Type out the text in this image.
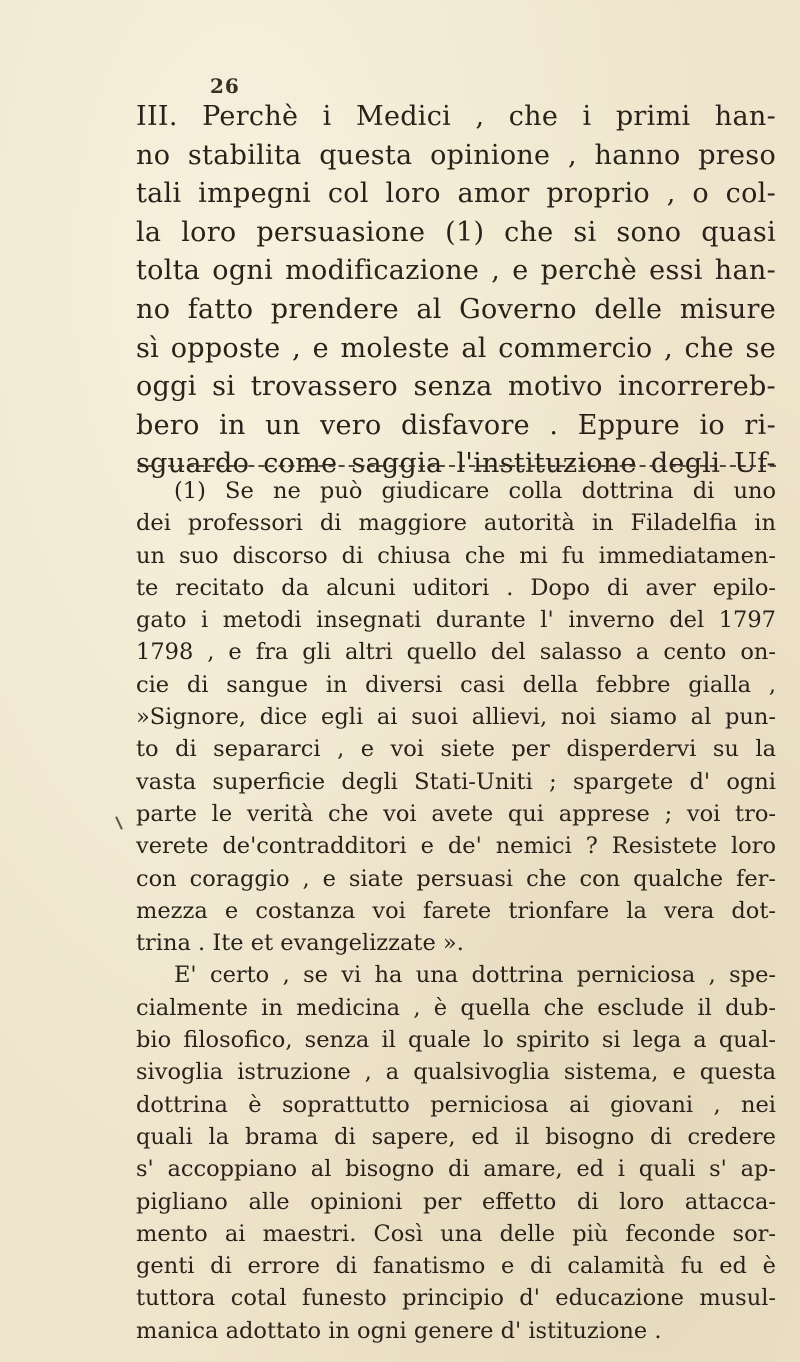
26
III. Perchè i Medici , che i primi han-
no stabilita questa opinione , hanno preso
tali impegni col loro amor proprio , o col-
la loro persuasione (1) che si sono quasi
tolta ogni modificazione , e perchè essi han-
no fatto prendere al Governo delle misure
sì opposte , e moleste al commercio , che se
oggi si trovassero senza motivo incorrereb-
bero in un vero disfavore . Eppure io ri-
sguardo come saggia l'instituzione degli Uf-
(1) Se ne può giudicare colla dottrina di uno
dei professori di maggiore autorità in Filadelfia in
un suo discorso di chiusa che mi fu immediatamen-
te recitato da alcuni uditori . Dopo di aver epilo-
gato i metodi insegnati durante l' inverno del 1797
1798 , e fra gli altri quello del salasso a cento on-
cie di sangue in diversi casi della febbre gialla ,
»Signore, dice egli ai suoi allievi, noi siamo al pun-
to di separarci , e voi siete per disperdervi su la
vasta superficie degli Stati-Uniti ; spargete d' ogni
parte le verità che voi avete qui apprese ; voi tro-
verete de'contradditori e de' nemici ? Resistete loro
con coraggio , e siate persuasi che con qualche fer-
mezza e costanza voi farete trionfare la vera dot-
trina . Ite et evangelizzate ».
E' certo , se vi ha una dottrina perniciosa , spe-
cialmente in medicina , è quella che esclude il dub-
bio filosofico, senza il quale lo spirito si lega a qual-
sivoglia istruzione , a qualsivoglia sistema, e questa
dottrina è soprattutto perniciosa ai giovani , nei
quali la brama di sapere, ed il bisogno di credere
s' accoppiano al bisogno di amare, ed i quali s' ap-
pigliano alle opinioni per effetto di loro attacca-
mento ai maestri. Così una delle più feconde sor-
genti di errore di fanatismo e di calamità fu ed è
tuttora cotal funesto principio d' educazione musul-
manica adottato in ogni genere d' istituzione .
